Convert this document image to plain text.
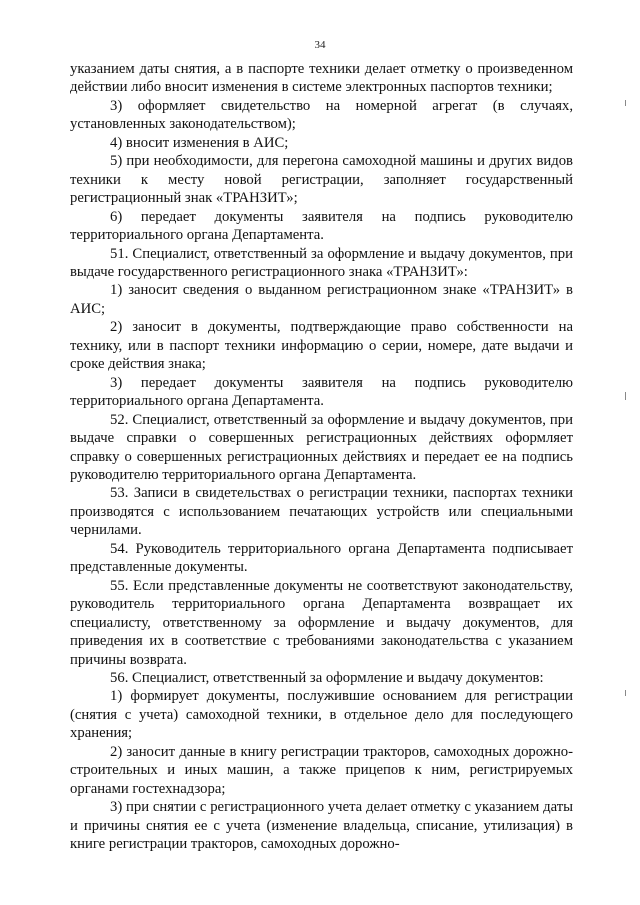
34

указанием даты снятия, а в паспорте техники делает отметку о произведенном действии либо вносит изменения в системе электронных паспортов техники;

3) оформляет свидетельство на номерной агрегат (в случаях, установленных законодательством);

4) вносит изменения в АИС;

5) при необходимости, для перегона самоходной машины и других видов техники к месту новой регистрации, заполняет государственный регистрационный знак «ТРАНЗИТ»;

6) передает документы заявителя на подпись руководителю территориального органа Департамента.

51. Специалист, ответственный за оформление и выдачу документов, при выдаче государственного регистрационного знака «ТРАНЗИТ»:

1) заносит сведения о выданном регистрационном знаке «ТРАНЗИТ» в АИС;

2) заносит в документы, подтверждающие право собственности на технику, или в паспорт техники информацию о серии, номере, дате выдачи и сроке действия знака;

3) передает документы заявителя на подпись руководителю территориального органа Департамента.

52. Специалист, ответственный за оформление и выдачу документов, при выдаче справки о совершенных регистрационных действиях оформляет справку о совершенных регистрационных действиях и передает ее на подпись руководителю территориального органа Департамента.

53. Записи в свидетельствах о регистрации техники, паспортах техники производятся с использованием печатающих устройств или специальными чернилами.

54. Руководитель территориального органа Департамента подписывает представленные документы.

55. Если представленные документы не соответствуют законодательству, руководитель территориального органа Департамента возвращает их специалисту, ответственному за оформление и выдачу документов, для приведения их в соответствие с требованиями законодательства с указанием причины возврата.

56. Специалист, ответственный за оформление и выдачу документов:

1) формирует документы, послужившие основанием для регистрации (снятия с учета) самоходной техники, в отдельное дело для последующего хранения;

2) заносит данные в книгу регистрации тракторов, самоходных дорожно-строительных и иных машин, а также прицепов к ним, регистрируемых органами гостехнадзора;

3) при снятии с регистрационного учета делает отметку с указанием даты и причины снятия ее с учета (изменение владельца, списание, утилизация) в книге регистрации тракторов, самоходных дорожно-
